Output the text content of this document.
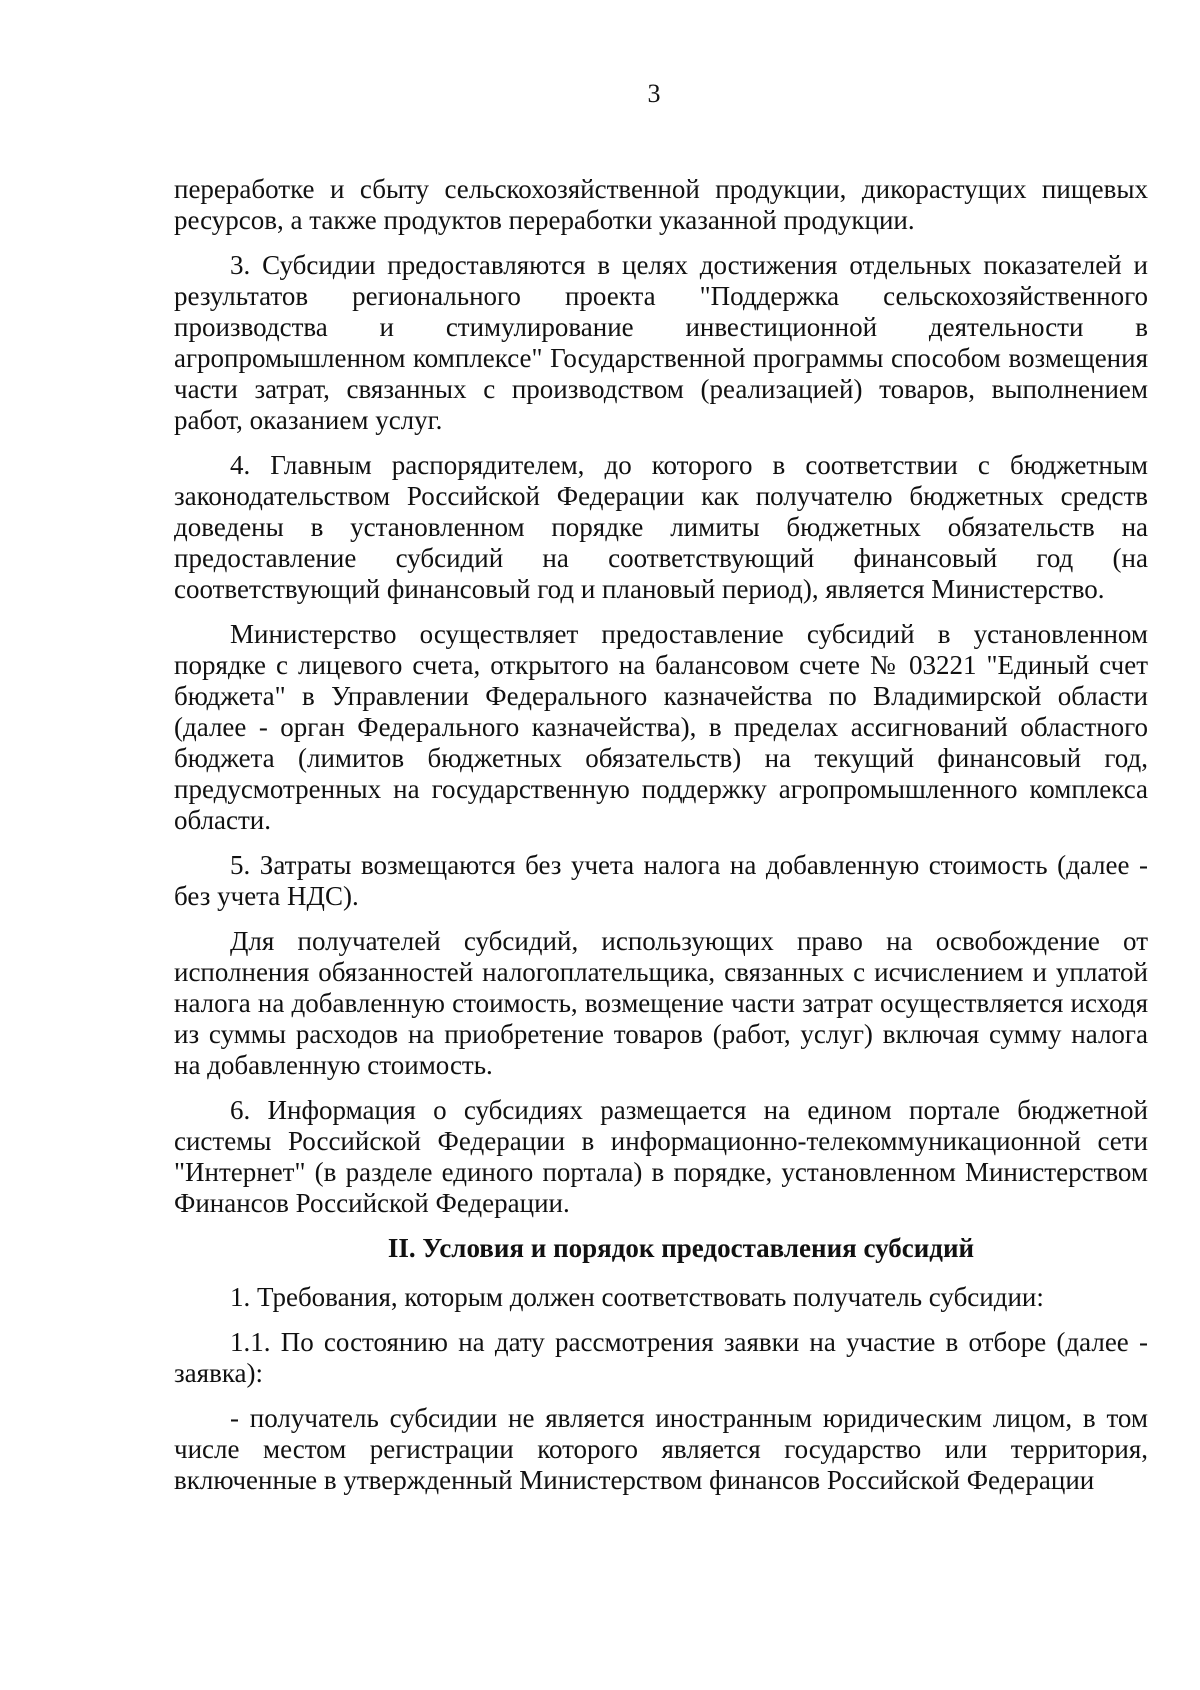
3

переработке и сбыту сельскохозяйственной продукции, дикорастущих пищевых ресурсов, а также продуктов переработки указанной продукции.

3. Субсидии предоставляются в целях достижения отдельных показателей и результатов регионального проекта "Поддержка сельскохозяйственного производства и стимулирование инвестиционной деятельности в агропромышленном комплексе" Государственной программы способом возмещения части затрат, связанных с производством (реализацией) товаров, выполнением работ, оказанием услуг.

4. Главным распорядителем, до которого в соответствии с бюджетным законодательством Российской Федерации как получателю бюджетных средств доведены в установленном порядке лимиты бюджетных обязательств на предоставление субсидий на соответствующий финансовый год (на соответствующий финансовый год и плановый период), является Министерство.

Министерство осуществляет предоставление субсидий в установленном порядке с лицевого счета, открытого на балансовом счете № 03221 "Единый счет бюджета" в Управлении Федерального казначейства по Владимирской области (далее - орган Федерального казначейства), в пределах ассигнований областного бюджета (лимитов бюджетных обязательств) на текущий финансовый год, предусмотренных на государственную поддержку агропромышленного комплекса области.

5. Затраты возмещаются без учета налога на добавленную стоимость (далее - без учета НДС).

Для получателей субсидий, использующих право на освобождение от исполнения обязанностей налогоплательщика, связанных с исчислением и уплатой налога на добавленную стоимость, возмещение части затрат осуществляется исходя из суммы расходов на приобретение товаров (работ, услуг) включая сумму налога на добавленную стоимость.

6. Информация о субсидиях размещается на едином портале бюджетной системы Российской Федерации в информационно-телекоммуникационной сети "Интернет" (в разделе единого портала) в порядке, установленном Министерством Финансов Российской Федерации.

II. Условия и порядок предоставления субсидий

1. Требования, которым должен соответствовать получатель субсидии:

1.1. По состоянию на дату рассмотрения заявки на участие в отборе (далее - заявка):

- получатель субсидии не является иностранным юридическим лицом, в том числе местом регистрации которого является государство или территория, включенные в утвержденный Министерством финансов Российской Федерации
